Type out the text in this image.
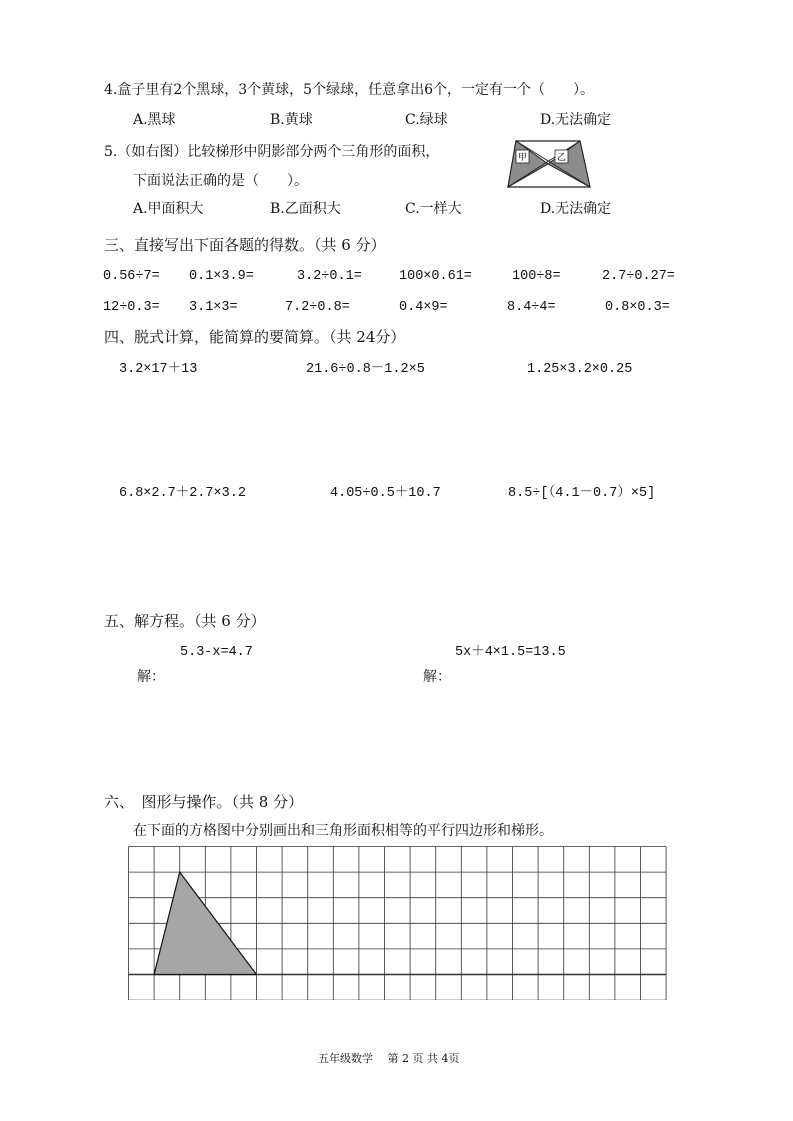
4.盒子里有2个黑球，3个黄球，5个绿球，任意拿出6个，一定有一个（　　）。
A.黑球	B.黄球	C.绿球	D.无法确定
5.（如右图）比较梯形中阴影部分两个三角形的面积，
下面说法正确的是（　　）。
A.甲面积大	B.乙面积大	C.一样大	D.无法确定
甲	乙
三、直接写出下面各题的得数。（共 6 分）
0.56÷7= 0.1×3.9=	3.2÷0.1=	100×0.61=	100÷8=	2.7÷0.27=
12÷0.3= 3.1×3=	7.2÷0.8=	0.4×9=	8.4÷4=	0.8×0.3=
四、脱式计算，能简算的要简算。（共 24分）
3.2×17＋13	21.6÷0.8－1.2×5	1.25×3.2×0.25
6.8×2.7＋2.7×3.2	4.05÷0.5＋10.7	8.5÷[（4.1－0.7）×5]
五、解方程。（共 6 分）
5.3-x=4.7	5x＋4×1.5=13.5
解：	解：
六、　图形与操作。（共 8 分）
在下面的方格图中分别画出和三角形面积相等的平行四边形和梯形。
五年级数学　 第 2 页 共 4页
